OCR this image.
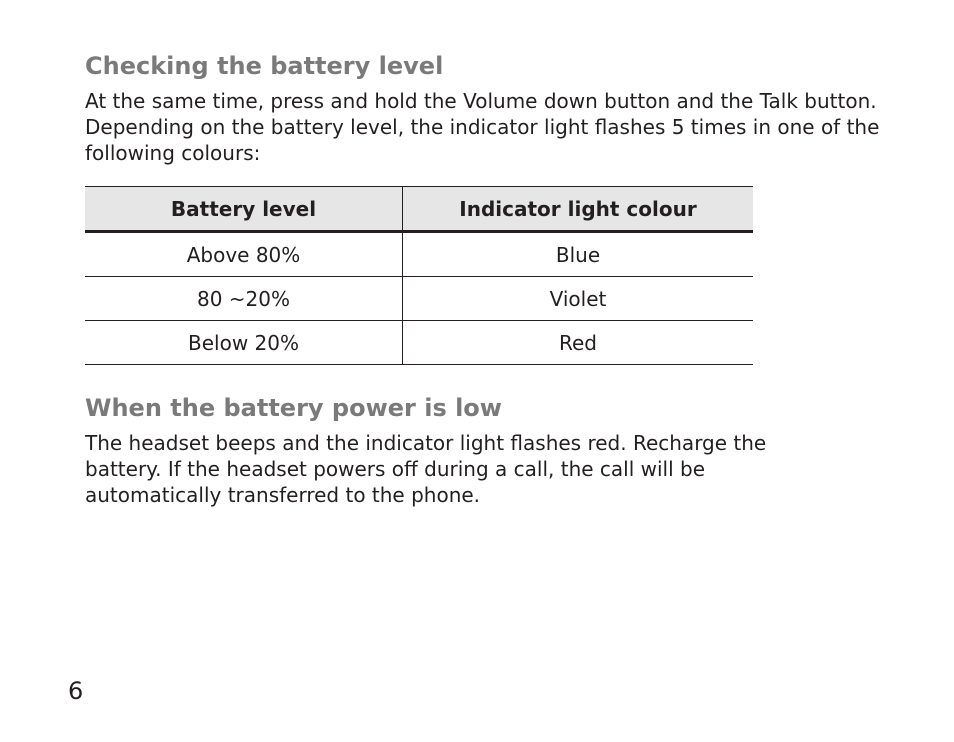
Checking the battery level

At the same time, press and hold the Volume down button and the Talk button. Depending on the battery level, the indicator light flashes 5 times in one of the following colours:

Battery level	Indicator light colour
Above 80%	Blue
80 ~20%	Violet
Below 20%	Red
When the battery power is low

The headset beeps and the indicator light flashes red. Recharge the battery. If the headset powers off during a call, the call will be automatically transferred to the phone.

6
